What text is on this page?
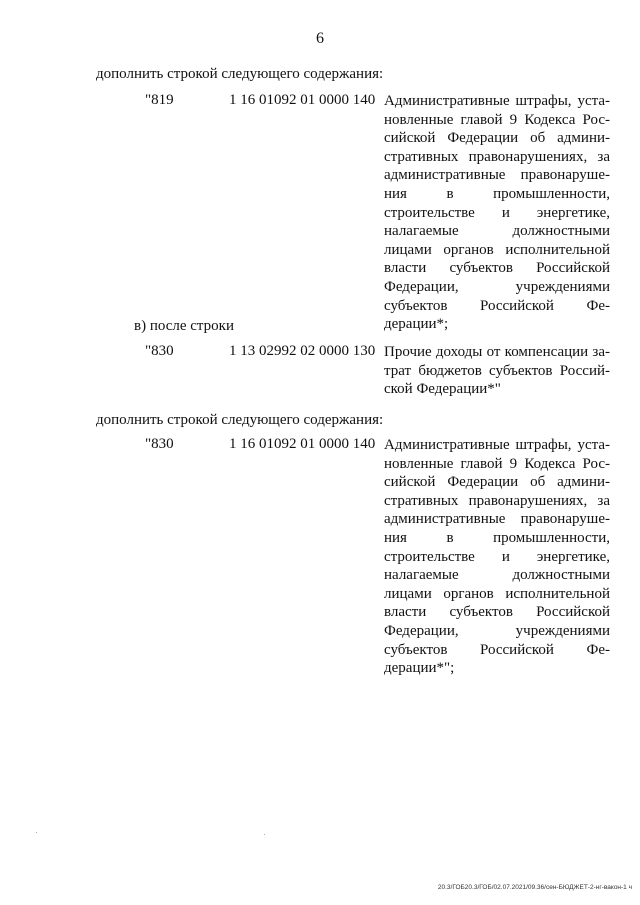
6
дополнить строкой следующего содержания:
"819	1 16 01092 01 0000 140 Административные штрафы, установленные главой 9 Кодекса Российской Федерации об административных правонарушениях, за административные правонарушения в промышленности, строительстве и энергетике, налагаемые должностными лицами органов исполнительной власти субъектов Российской Федерации, учреждениями субъектов Российской Федерации*;
в) после строки
"830	1 13 02992 02 0000 130 Прочие доходы от компенсации затрат бюджетов субъектов Российской Федерации*"
дополнить строкой следующего содержания:
"830	1 16 01092 01 0000 140 Административные штрафы, установленные главой 9 Кодекса Российской Федерации об административных правонарушениях, за административные правонарушения в промышленности, строительстве и энергетике, налагаемые должностными лицами органов исполнительной власти субъектов Российской Федерации, учреждениями субъектов Российской Федерации*";
20.3/ГОБ20.3/ГОБ/02.07.2021/09.36/сен-БЮДЖЕТ-2-нг-вакон-1 ч
